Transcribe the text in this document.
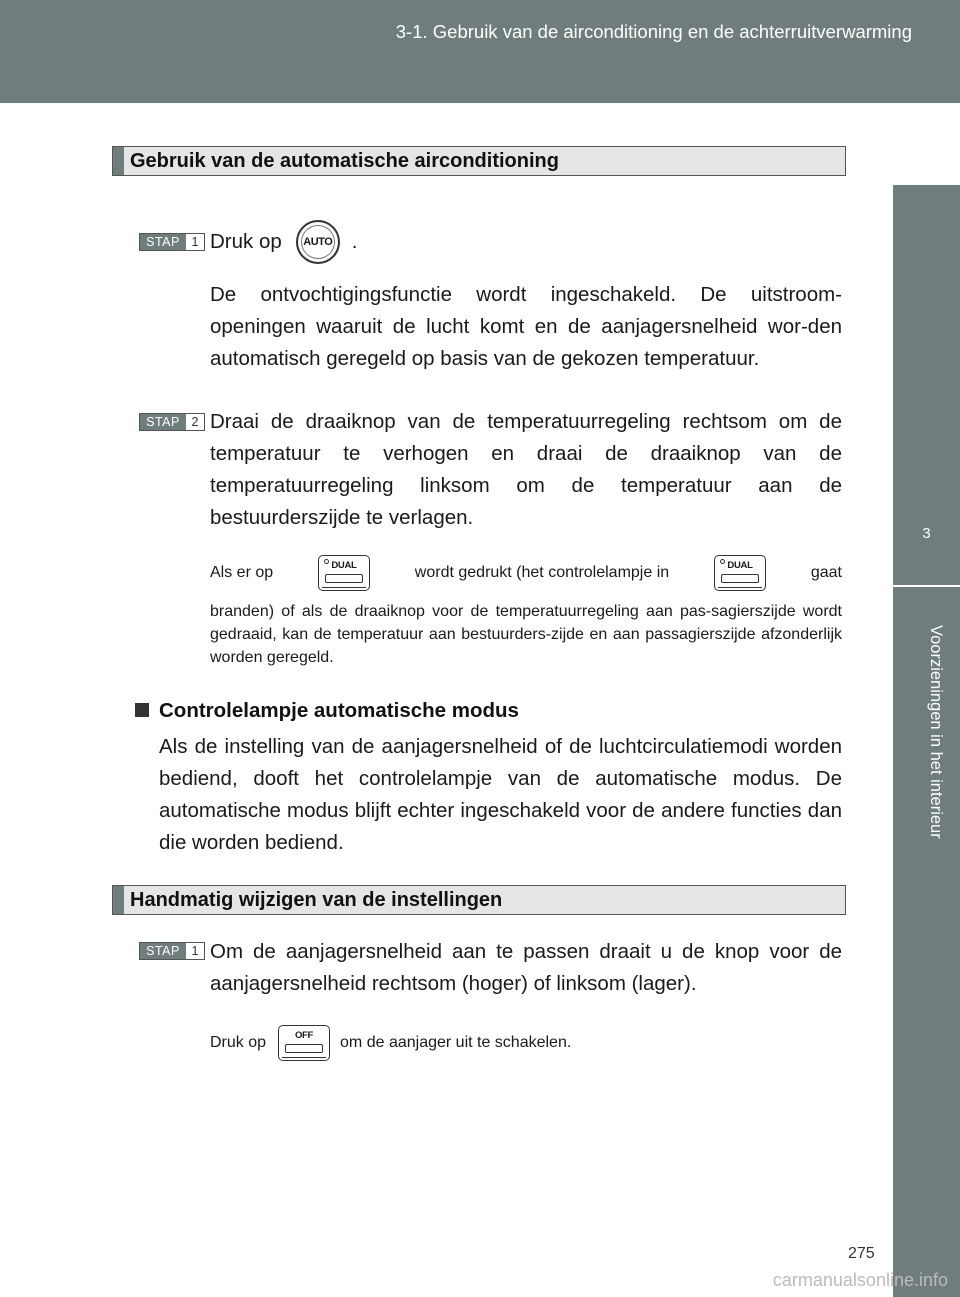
3-1. Gebruik van de airconditioning en de achterruitverwarming
3
Voorzieningen in het interieur
Gebruik van de automatische airconditioning
STAP 1 Druk op	AUTO .

De ontvochtigingsfunctie wordt ingeschakeld. De uitstroom-openingen waaruit de lucht komt en de aanjagersnelheid wor-den automatisch geregeld op basis van de gekozen temperatuur.

STAP 2 Draai de draaiknop van de temperatuurregeling rechtsom om de temperatuur te verhogen en draai de draaiknop van de temperatuurregeling linksom om de temperatuur aan de bestuurderszijde te verlagen.

Als er op	DUAL	wordt gedrukt (het controlelampje in	DUAL	gaat

branden) of als de draaiknop voor de temperatuurregeling aan pas-sagierszijde wordt gedraaid, kan de temperatuur aan bestuurders-zijde en aan passagierszijde afzonderlijk worden geregeld.

Controlelampje automatische modus

Als de instelling van de aanjagersnelheid of de luchtcirculatiemodi worden bediend, dooft het controlelampje van de automatische modus. De automatische modus blijft echter ingeschakeld voor de andere functies dan die worden bediend.

Handmatig wijzigen van de instellingen
STAP 1 Om de aanjagersnelheid aan te passen draait u de knop voor de aanjagersnelheid rechtsom (hoger) of linksom (lager).

Druk op	OFF	om de aanjager uit te schakelen.
275
carmanualsonline.info
